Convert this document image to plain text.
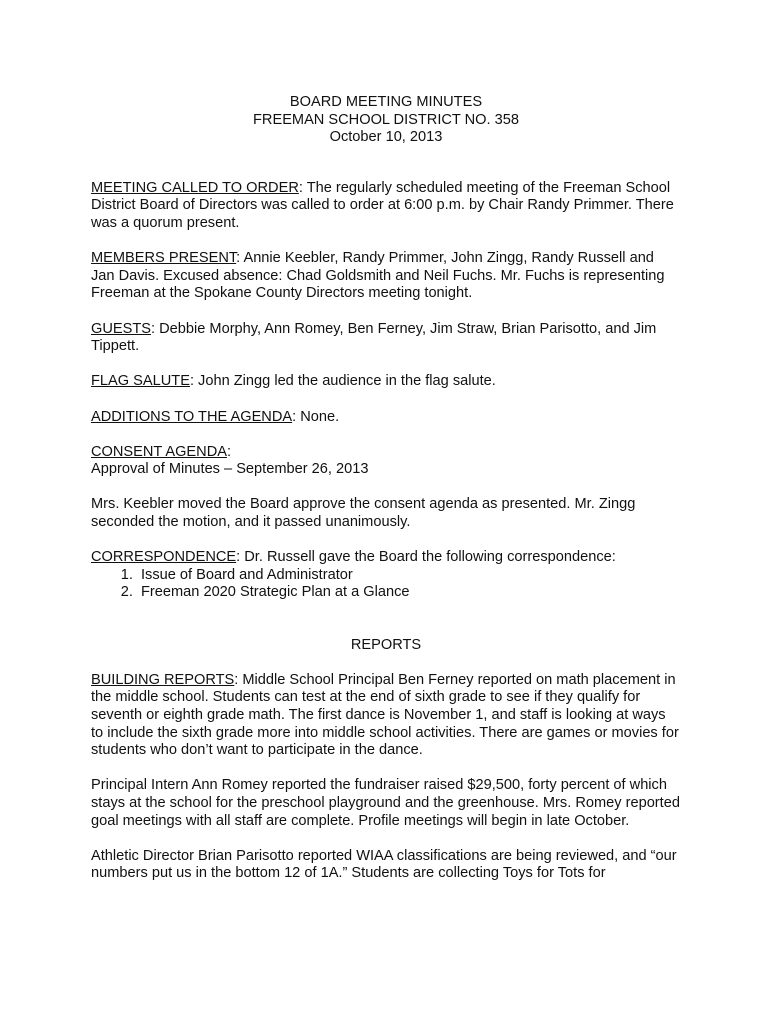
BOARD MEETING MINUTES
FREEMAN SCHOOL DISTRICT NO. 358
October 10, 2013

MEETING CALLED TO ORDER: The regularly scheduled meeting of the Freeman School District Board of Directors was called to order at 6:00 p.m. by Chair Randy Primmer. There was a quorum present.

MEMBERS PRESENT: Annie Keebler, Randy Primmer, John Zingg, Randy Russell and Jan Davis. Excused absence: Chad Goldsmith and Neil Fuchs. Mr. Fuchs is representing Freeman at the Spokane County Directors meeting tonight.

GUESTS: Debbie Morphy, Ann Romey, Ben Ferney, Jim Straw, Brian Parisotto, and Jim Tippett.

FLAG SALUTE: John Zingg led the audience in the flag salute.

ADDITIONS TO THE AGENDA: None.

CONSENT AGENDA:
Approval of Minutes – September 26, 2013

Mrs. Keebler moved the Board approve the consent agenda as presented. Mr. Zingg seconded the motion, and it passed unanimously.

CORRESPONDENCE: Dr. Russell gave the Board the following correspondence:
1. Issue of Board and Administrator
2. Freeman 2020 Strategic Plan at a Glance

REPORTS

BUILDING REPORTS: Middle School Principal Ben Ferney reported on math placement in the middle school. Students can test at the end of sixth grade to see if they qualify for seventh or eighth grade math. The first dance is November 1, and staff is looking at ways to include the sixth grade more into middle school activities. There are games or movies for students who don’t want to participate in the dance.

Principal Intern Ann Romey reported the fundraiser raised $29,500, forty percent of which stays at the school for the preschool playground and the greenhouse. Mrs. Romey reported goal meetings with all staff are complete. Profile meetings will begin in late October.

Athletic Director Brian Parisotto reported WIAA classifications are being reviewed, and “our numbers put us in the bottom 12 of 1A.” Students are collecting Toys for Tots for
